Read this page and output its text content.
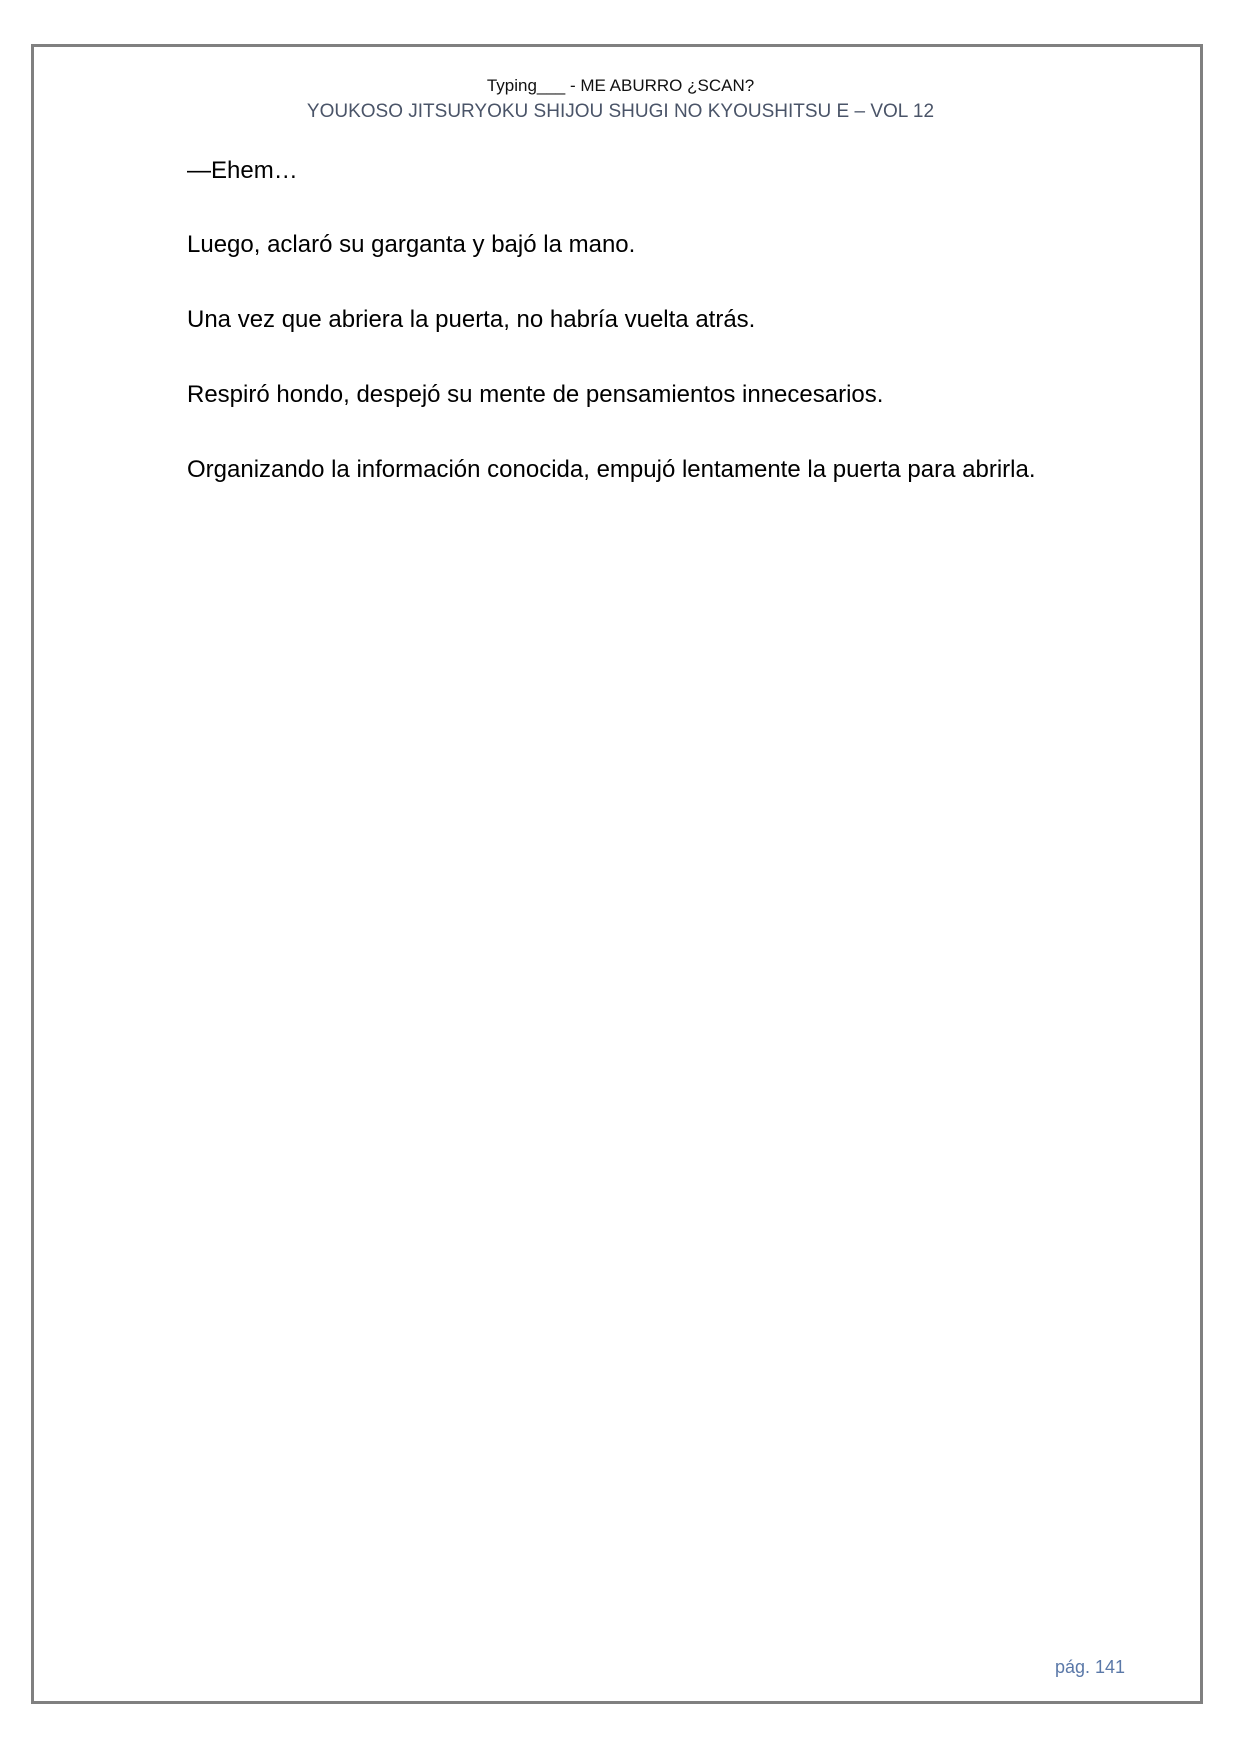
Typing___ - ME ABURRO ¿SCAN?
YOUKOSO JITSURYOKU SHIJOU SHUGI NO KYOUSHITSU E – VOL 12
—Ehem…
Luego, aclaró su garganta y bajó la mano.
Una vez que abriera la puerta, no habría vuelta atrás.
Respiró hondo, despejó su mente de pensamientos innecesarios.
Organizando la información conocida, empujó lentamente la puerta para abrirla.
pág. 141
